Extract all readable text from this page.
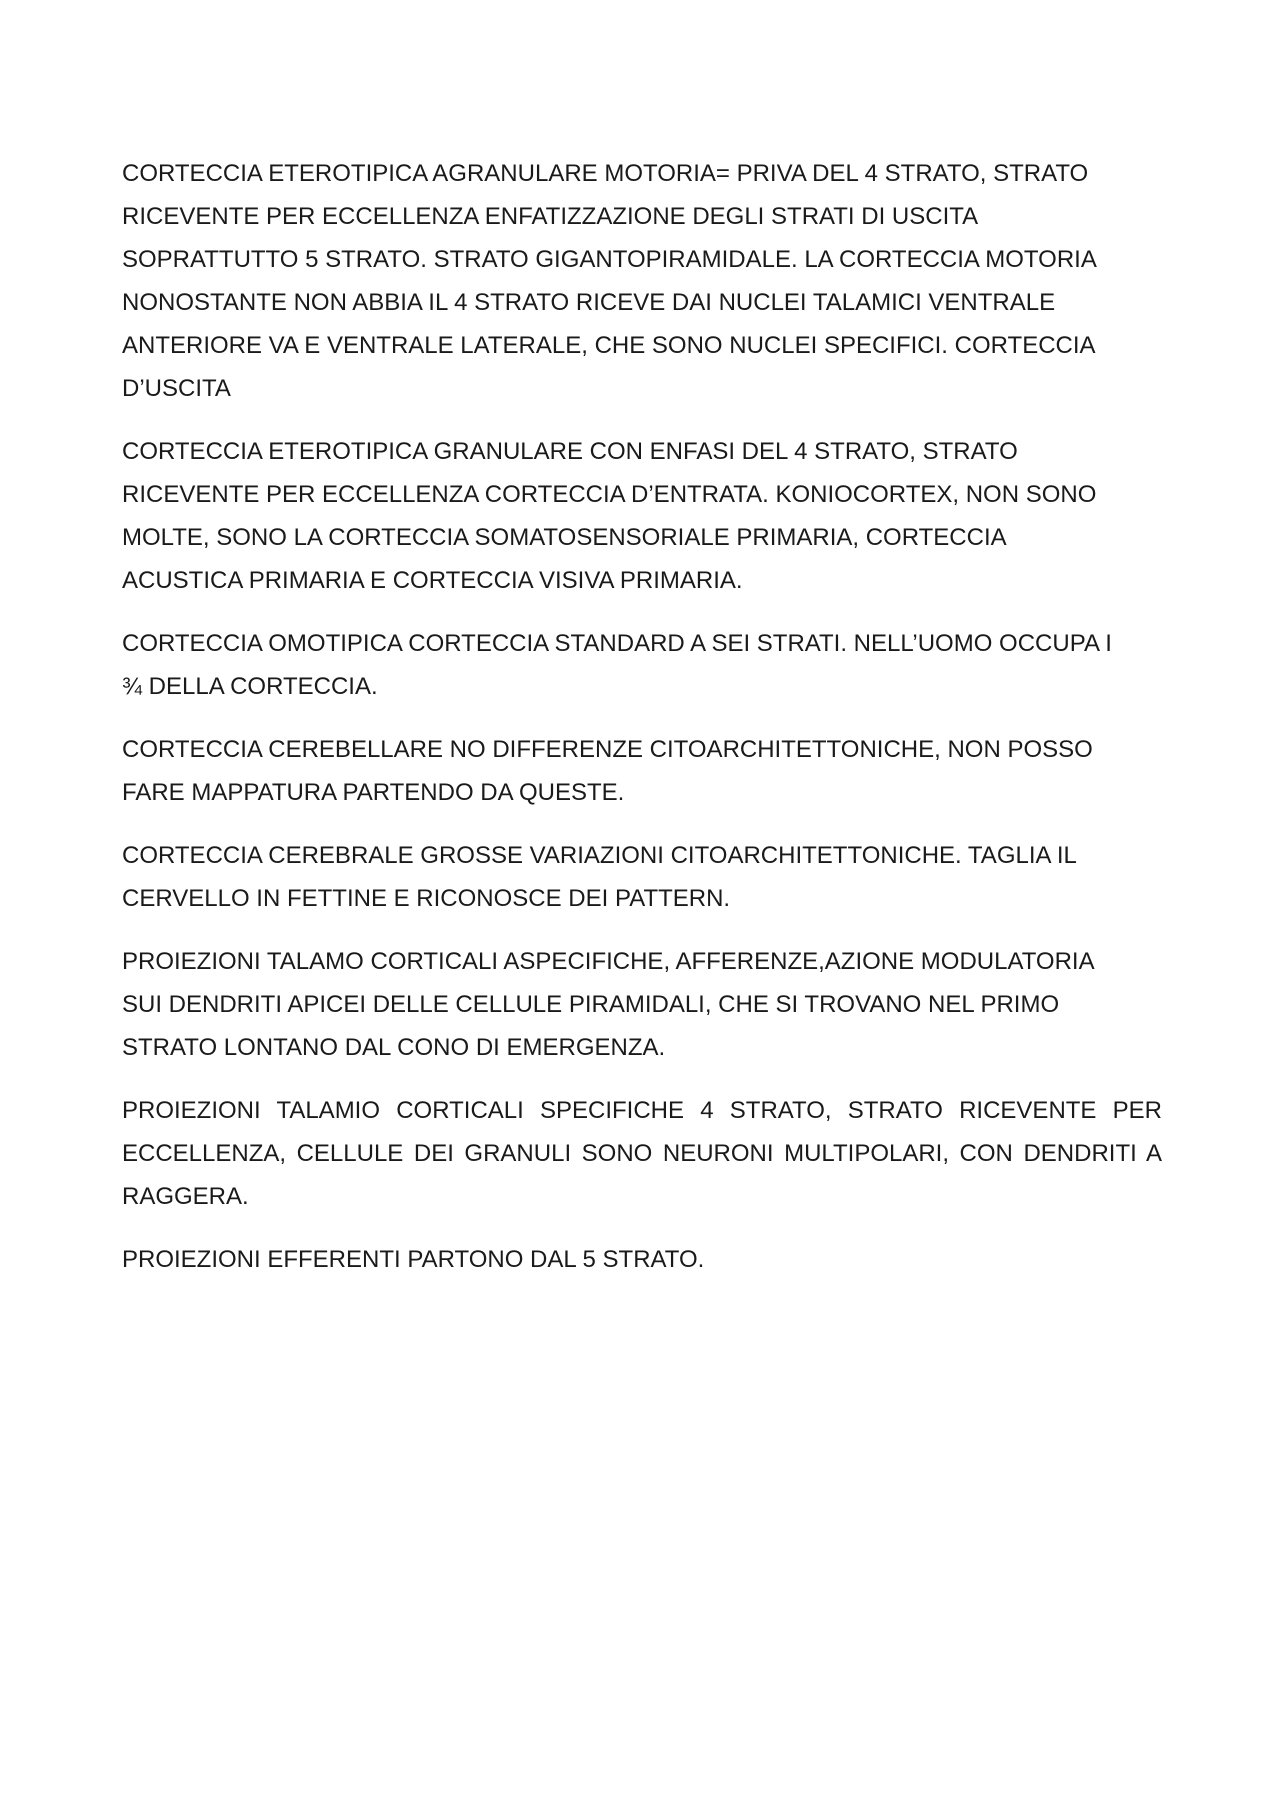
CORTECCIA ETEROTIPICA AGRANULARE MOTORIA= PRIVA DEL 4 STRATO, STRATO
RICEVENTE PER ECCELLENZA ENFATIZZAZIONE DEGLI STRATI DI USCITA
SOPRATTUTTO 5 STRATO. STRATO GIGANTOPIRAMIDALE. LA CORTECCIA MOTORIA
NONOSTANTE NON ABBIA IL 4 STRATO RICEVE DAI NUCLEI TALAMICI VENTRALE
ANTERIORE VA E VENTRALE LATERALE, CHE SONO NUCLEI SPECIFICI. CORTECCIA
D’USCITA

CORTECCIA ETEROTIPICA GRANULARE CON ENFASI DEL 4 STRATO, STRATO
RICEVENTE PER ECCELLENZA CORTECCIA D’ENTRATA. KONIOCORTEX, NON SONO
MOLTE, SONO LA CORTECCIA SOMATOSENSORIALE PRIMARIA, CORTECCIA
ACUSTICA PRIMARIA E CORTECCIA VISIVA PRIMARIA.

CORTECCIA OMOTIPICA CORTECCIA STANDARD A SEI STRATI. NELL’UOMO OCCUPA I
¾ DELLA CORTECCIA.

CORTECCIA CEREBELLARE NO DIFFERENZE CITOARCHITETTONICHE, NON POSSO
FARE MAPPATURA PARTENDO DA QUESTE.

CORTECCIA CEREBRALE GROSSE VARIAZIONI CITOARCHITETTONICHE. TAGLIA IL
CERVELLO IN FETTINE E RICONOSCE DEI PATTERN.

PROIEZIONI TALAMO CORTICALI ASPECIFICHE, AFFERENZE,AZIONE MODULATORIA
SUI DENDRITI APICEI DELLE CELLULE PIRAMIDALI, CHE SI TROVANO NEL PRIMO
STRATO LONTANO DAL CONO DI EMERGENZA.

PROIEZIONI TALAMIO CORTICALI SPECIFICHE 4 STRATO, STRATO RICEVENTE PER ECCELLENZA, CELLULE DEI GRANULI SONO NEURONI MULTIPOLARI, CON DENDRITI A RAGGERA.

PROIEZIONI EFFERENTI PARTONO DAL 5 STRATO.
